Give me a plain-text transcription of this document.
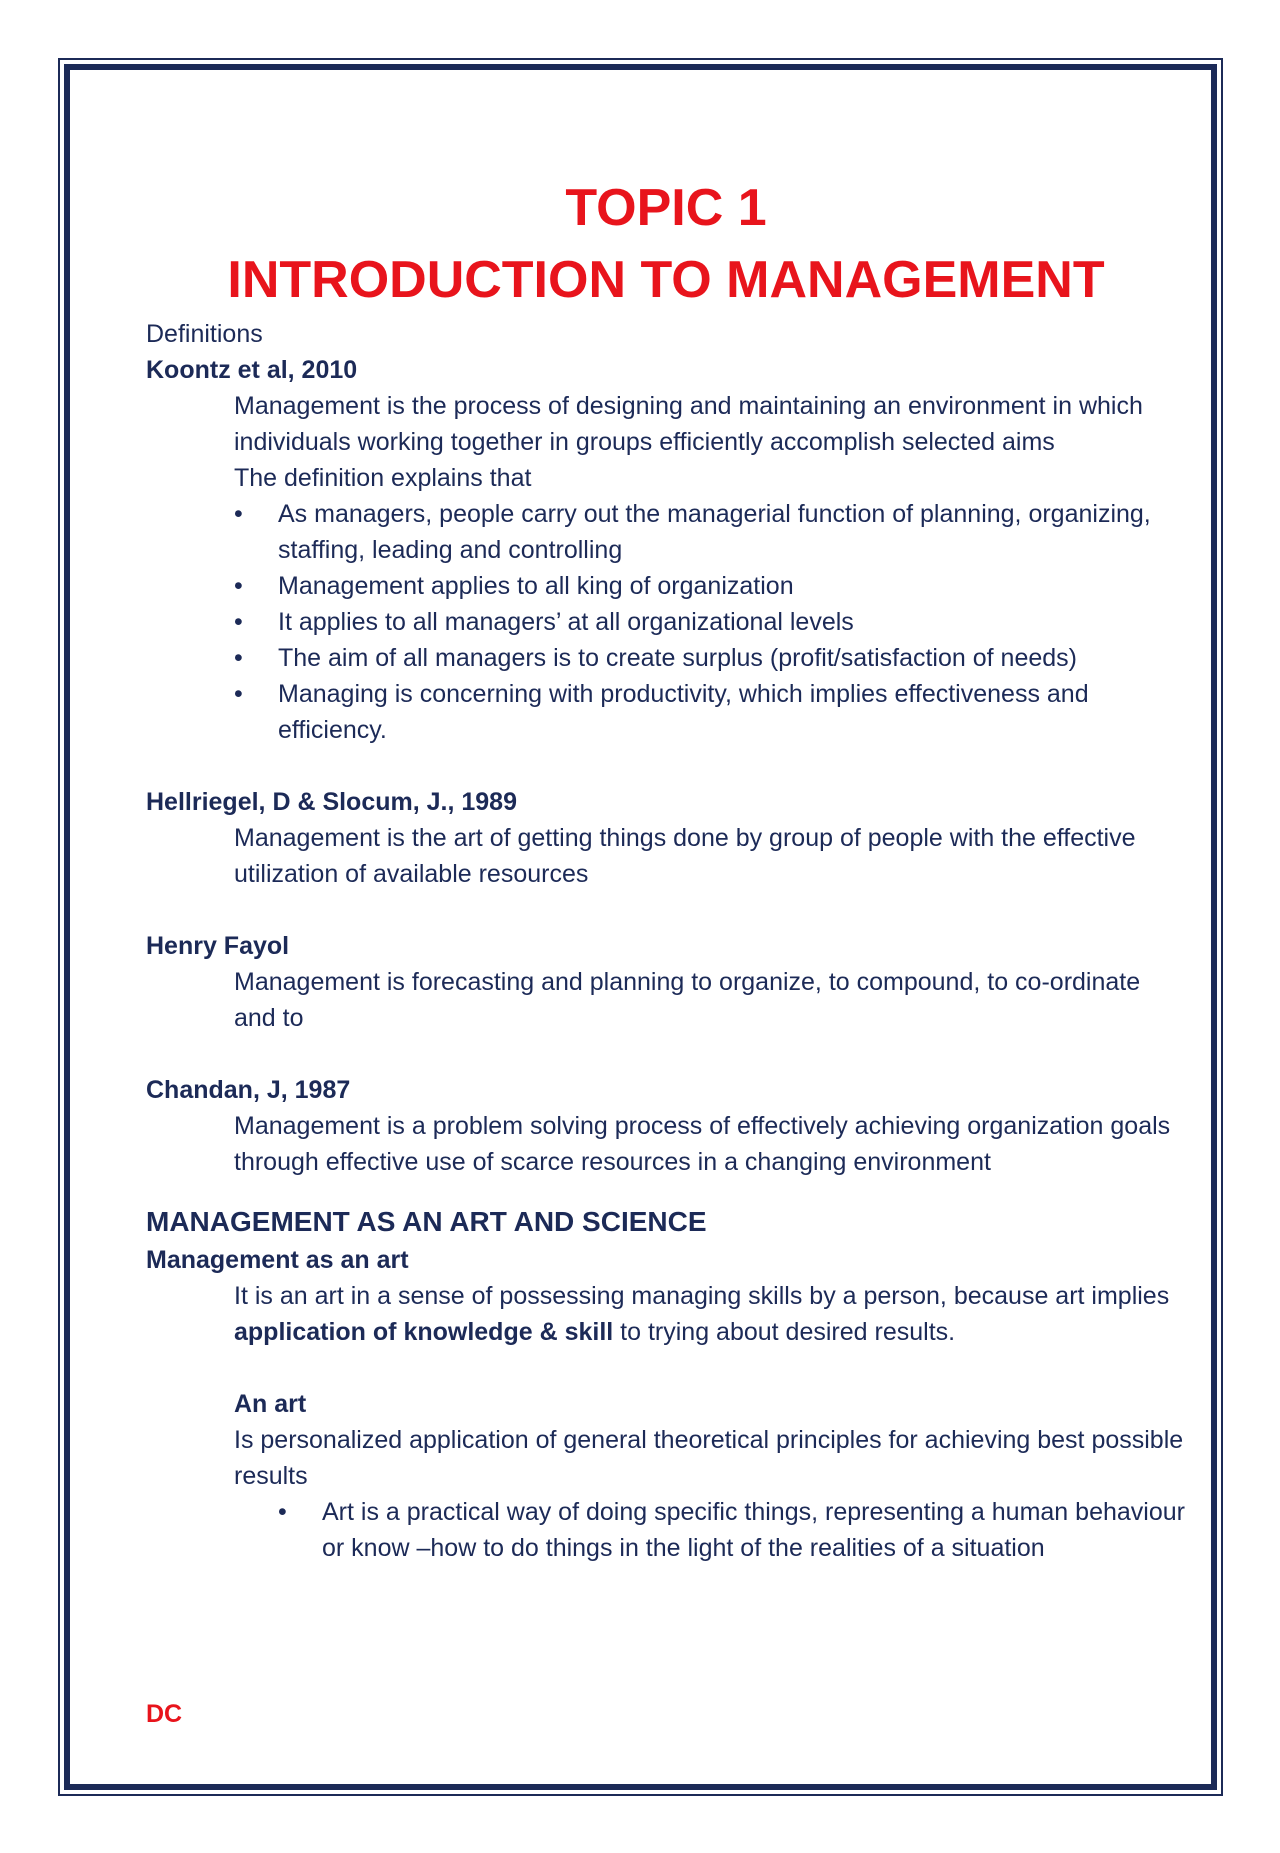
TOPIC 1
INTRODUCTION TO MANAGEMENT
Definitions
Koontz et al, 2010
Management is the process of designing and maintaining an environment in which individuals working together in groups efficiently accomplish selected aims
The definition explains that
• As managers, people carry out the managerial function of planning, organizing, staffing, leading and controlling
• Management applies to all king of organization
• It applies to all managers’ at all organizational levels
• The aim of all managers is to create surplus (profit/satisfaction of needs)
• Managing is concerning with productivity, which implies effectiveness and efficiency.
Hellriegel, D & Slocum, J., 1989
Management is the art of getting things done by group of people with the effective utilization of available resources
Henry Fayol
Management is forecasting and planning to organize, to compound, to co-ordinate and to
Chandan, J, 1987
Management is a problem solving process of effectively achieving organization goals through effective use of scarce resources in a changing environment
MANAGEMENT AS AN ART AND SCIENCE
Management as an art
It is an art in a sense of possessing managing skills by a person, because art implies application of knowledge & skill to trying about desired results.
An art
Is personalized application of general theoretical principles for achieving best possible results
• Art is a practical way of doing specific things, representing a human behaviour or know –how to do things in the light of the realities of a situation
DC
